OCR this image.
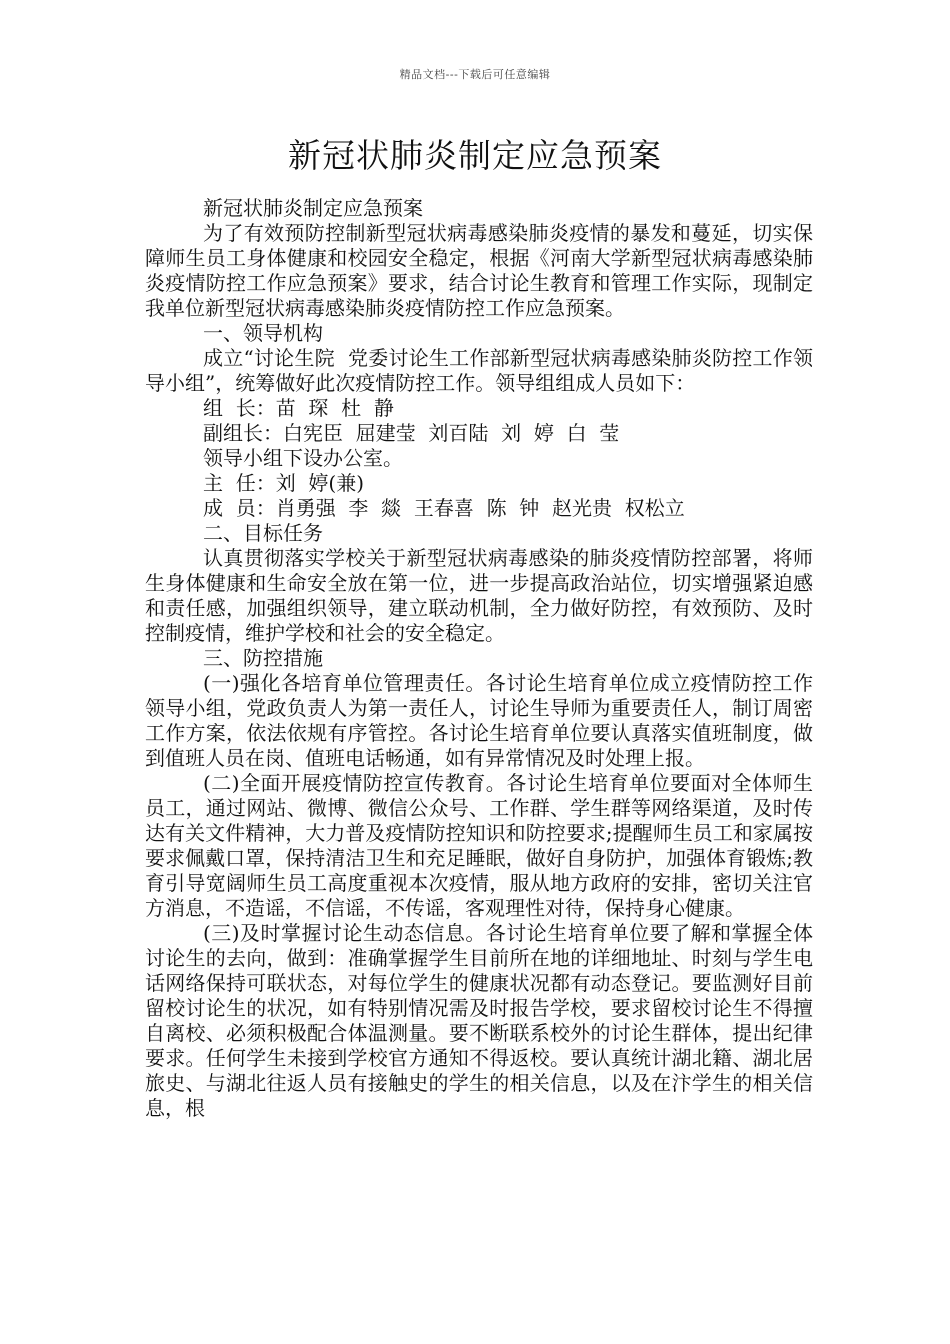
精品文档---下载后可任意编辑
新冠状肺炎制定应急预案

新冠状肺炎制定应急预案

为了有效预防控制新型冠状病毒感染肺炎疫情的暴发和蔓延，切实保障师生员工身体健康和校园安全稳定，根据《河南大学新型冠状病毒感染肺炎疫情防控工作应急预案》要求，结合讨论生教育和管理工作实际，现制定我单位新型冠状病毒感染肺炎疫情防控工作应急预案。

一、领导机构

成立“讨论生院  党委讨论生工作部新型冠状病毒感染肺炎防控工作领导小组”，统筹做好此次疫情防控工作。领导组组成人员如下：

组  长：苗  琛  杜  静

副组长：白宪臣  屈建莹  刘百陆  刘  婷  白  莹

领导小组下设办公室。

主  任：刘  婷(兼)

成  员：肖勇强  李  燚  王春喜  陈  钟  赵光贵  权松立

二、目标任务

认真贯彻落实学校关于新型冠状病毒感染的肺炎疫情防控部署，将师生身体健康和生命安全放在第一位，进一步提高政治站位，切实增强紧迫感和责任感，加强组织领导，建立联动机制，全力做好防控，有效预防、及时控制疫情，维护学校和社会的安全稳定。

三、防控措施

(一)强化各培育单位管理责任。各讨论生培育单位成立疫情防控工作领导小组，党政负责人为第一责任人，讨论生导师为重要责任人，制订周密工作方案，依法依规有序管控。各讨论生培育单位要认真落实值班制度，做到值班人员在岗、值班电话畅通，如有异常情况及时处理上报。

(二)全面开展疫情防控宣传教育。各讨论生培育单位要面对全体师生员工，通过网站、微博、微信公众号、工作群、学生群等网络渠道，及时传达有关文件精神，大力普及疫情防控知识和防控要求;提醒师生员工和家属按要求佩戴口罩，保持清洁卫生和充足睡眠，做好自身防护，加强体育锻炼;教育引导宽阔师生员工高度重视本次疫情，服从地方政府的安排，密切关注官方消息，不造谣，不信谣，不传谣，客观理性对待，保持身心健康。

(三)及时掌握讨论生动态信息。各讨论生培育单位要了解和掌握全体讨论生的去向，做到：准确掌握学生目前所在地的详细地址、时刻与学生电话网络保持可联状态，对每位学生的健康状况都有动态登记。要监测好目前留校讨论生的状况，如有特别情况需及时报告学校，要求留校讨论生不得擅自离校、必须积极配合体温测量。要不断联系校外的讨论生群体，提出纪律要求。任何学生未接到学校官方通知不得返校。要认真统计湖北籍、湖北居旅史、与湖北往返人员有接触史的学生的相关信息，以及在汴学生的相关信息，根
